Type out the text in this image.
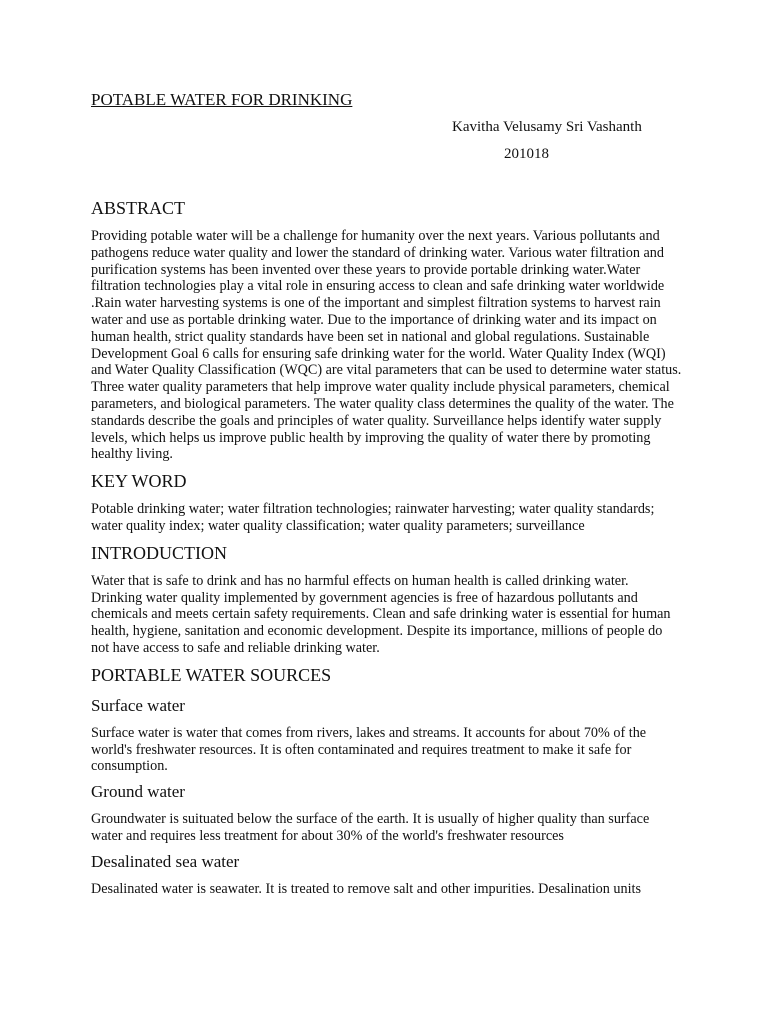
POTABLE WATER FOR DRINKING

Kavitha Velusamy Sri Vashanth

201018

ABSTRACT

Providing potable water will be a challenge for humanity over the next years. Various pollutants and pathogens reduce water quality and lower the standard of drinking water. Various water filtration and purification systems has been invented over these years to provide portable drinking water.Water filtration technologies play a vital role in ensuring access to clean and safe drinking water worldwide .Rain water harvesting systems is one of the important and simplest filtration systems to harvest rain water and use as portable drinking water. Due to the importance of drinking water and its impact on human health, strict quality standards have been set in national and global regulations. Sustainable Development Goal 6 calls for ensuring safe drinking water for the world. Water Quality Index (WQI) and Water Quality Classification (WQC) are vital parameters that can be used to determine water status. Three water quality parameters that help improve water quality include physical parameters, chemical parameters, and biological parameters. The water quality class determines the quality of the water. The standards describe the goals and principles of water quality. Surveillance helps identify water supply levels, which helps us improve public health by improving the quality of water there by promoting healthy living.

KEY WORD

Potable drinking water; water filtration technologies; rainwater harvesting; water quality standards; water quality index; water quality classification; water quality parameters; surveillance

INTRODUCTION

Water that is safe to drink and has no harmful effects on human health is called drinking water. Drinking water quality implemented by government agencies is free of hazardous pollutants and chemicals and meets certain safety requirements. Clean and safe drinking water is essential for human health, hygiene, sanitation and economic development. Despite its importance, millions of people do not have access to safe and reliable drinking water.

PORTABLE WATER SOURCES
Surface water

Surface water is water that comes from rivers, lakes and streams. It accounts for about 70% of the world's freshwater resources. It is often contaminated and requires treatment to make it safe for consumption.

Ground water

Groundwater is suituated below the surface of the earth. It is usually of higher quality than surface water and requires less treatment for about 30% of the world's freshwater resources

Desalinated sea water

Desalinated water is seawater. It is treated to remove salt and other impurities. Desalination units
